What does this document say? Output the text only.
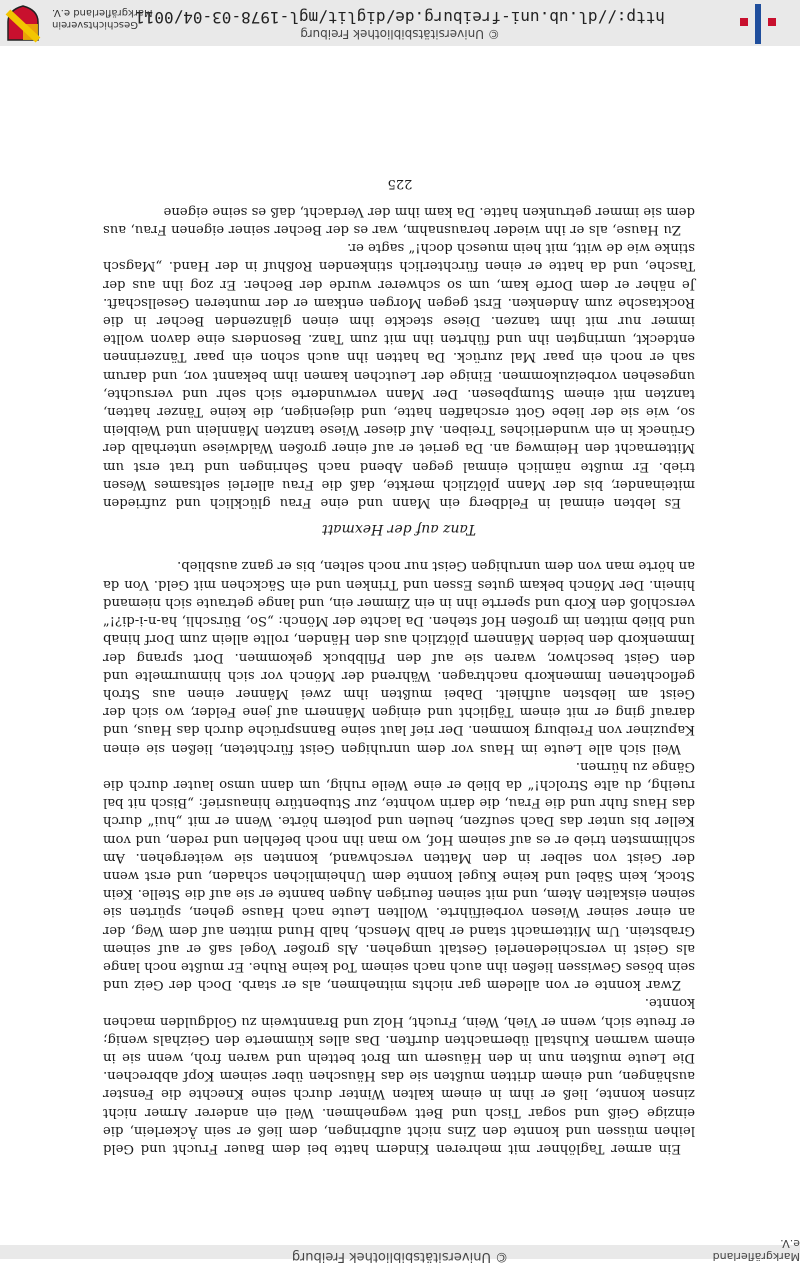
© Universitätsbibliothek Freiburg
http://dl.ub.uni-freiburg.de/diglit/mgl-1978-03-04/0011
Geschichtsverein
Markgräflerland e.V.
© Universitätsbibliothek Freiburg	Markgräflerland e.V.

Ein armer Taglöhner mit mehreren Kindern hatte bei dem Bauer Frucht und Geld leihen müssen und konnte den Zins nicht aufbringen, dem ließ er sein Äckerlein, die einzige Geiß und sogar Tisch und Bett wegnehmen. Weil ein anderer Armer nicht zinsen konnte, ließ er ihm in einem kalten Winter durch seine Knechte die Fenster aushängen, und einem dritten mußten sie das Häuschen über seinem Kopf abbrechen. Die Leute mußten nun in den Häusern um Brot betteln und waren froh, wenn sie in einem warmen Kuhstall übernachten durften. Das alles kümmerte den Geizhals wenig; er freute sich, wenn er Vieh, Wein, Frucht, Holz und Branntwein zu Goldgulden machen konnte.

Zwar konnte er von alledem gar nichts mitnehmen, als er starb. Doch der Geiz und sein böses Gewissen ließen ihn auch nach seinem Tod keine Ruhe. Er mußte noch lange als Geist in verschiedenerlei Gestalt umgehen. Als großer Vogel saß er auf seinem Grabstein. Um Mitternacht stand er halb Mensch, halb Hund mitten auf dem Weg, der an einer seiner Wiesen vorbeiführte. Wollten Leute nach Hause gehen, spürten sie seinen eiskalten Atem, und mit seinen feurigen Augen bannte er sie auf die Stelle. Kein Stock, kein Säbel und keine Kugel konnte dem Unheimlichen schaden, und erst wenn der Geist von selber in den Matten verschwand, konnten sie weitergehen. Am schlimmsten trieb er es auf seinem Hof, wo man ihn noch befehlen und reden, und vom Keller bis unter das Dach seufzen, heulen und poltern hörte. Wenn er mit „hui“ durch das Haus fuhr und die Frau, die darin wohnte, zur Stubentüre hinausrief: „Bisch nit bal rueihg, du alte Strolch!“ da blieb er eine Weile ruhig, um dann umso lauter durch die Gänge zu hürnen.

Weil sich alle Leute im Haus vor dem unruhigen Geist fürchteten, ließen sie einen Kapuziner von Freiburg kommen. Der rief laut seine Bannsprüche durch das Haus, und darauf ging er mit einem Täglicht und einigen Männern auf jene Felder, wo sich der Geist am liebsten aufhielt. Dabei mußten ihm zwei Männer einen aus Stroh geflochtenen Immenkorb nachtragen. Während der Mönch vor sich hinmurmelte und den Geist beschwor, waren sie auf den Pfilbbuck gekommen. Dort sprang der Immenkorb den beiden Männern plötzlich aus den Händen, rollte allein zum Dorf hinab und blieb mitten im großen Hof stehen. Da lachte der Mönch: „So, Bürschli, ha-n-i-di?!“ verschloß den Korb und sperrte ihn in ein Zimmer ein, und lange getraute sich niemand hinein. Der Mönch bekam gutes Essen und Trinken und ein Säckchen mit Geld. Von da an hörte man von dem unruhigen Geist nur noch selten, bis er ganz ausblieb.

Tanz auf der Hexmatt

Es lebten einmal in Feldberg ein Mann und eine Frau glücklich und zufrieden miteinander, bis der Mann plötzlich merkte, daß die Frau allerlei seltsames Wesen trieb. Er mußte nämlich einmal gegen Abend nach Sehringen und trat erst um Mitternacht den Heimweg an. Da geriet er auf einer großen Waldwiese unterhalb der Grüneck in ein wunderliches Treiben. Auf dieser Wiese tanzten Männlein und Weiblein so, wie sie der liebe Gott erschaffen hatte, und diejenigen, die keine Tänzer hatten, tanzten mit einem Stumpbesen. Der Mann verwunderte sich sehr und versuchte, ungesehen vorbeizukommen. Einige der Leutchen kamen ihm bekannt vor, und darum sah er noch ein paar Mal zurück. Da hatten ihn auch schon ein paar Tänzerinnen entdeckt, umringten ihn und führten ihn mit zum Tanz. Besonders eine davon wollte immer nur mit ihm tanzen. Diese steckte ihm einen glänzenden Becher in die Rocktasche zum Andenken. Erst gegen Morgen entkam er der munteren Gesellschaft. Je näher er dem Dorfe kam, um so schwerer wurde der Becher. Er zog ihn aus der Tasche, und da hatte er einen fürchterlich stinkenden Roßhuf in der Hand. „Magsch stinke wie de witt, mit hein muesch doch!“ sagte er.

Zu Hause, als er ihn wieder herausnahm, war es der Becher seiner eigenen Frau, aus dem sie immer getrunken hatte. Da kam ihm der Verdacht, daß es seine eigene

225
